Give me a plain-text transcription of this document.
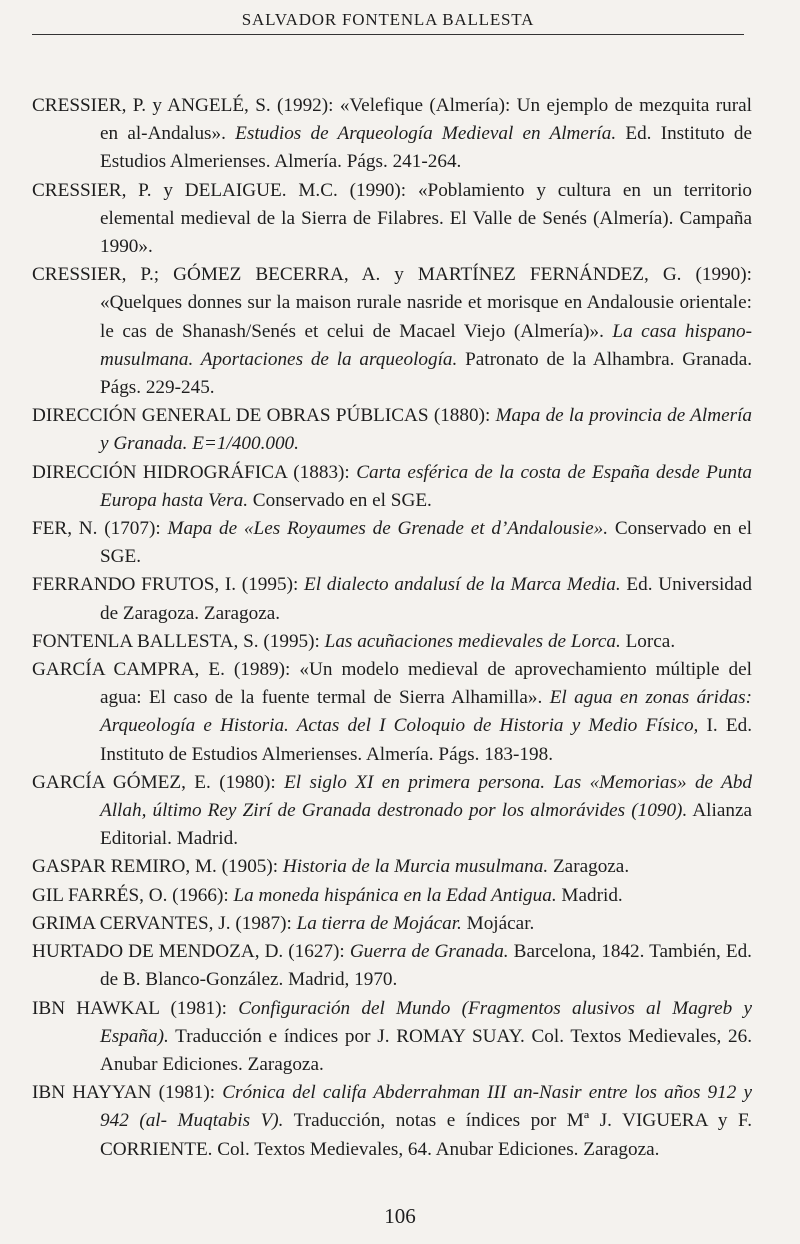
SALVADOR FONTENLA BALLESTA

CRESSIER, P. y ANGELÉ, S. (1992): «Velefique (Almería): Un ejemplo de mezquita rural en al-Andalus». Estudios de Arqueología Medieval en Almería. Ed. Instituto de Estudios Almerienses. Almería. Págs. 241-264.

CRESSIER, P. y DELAIGUE. M.C. (1990): «Poblamiento y cultura en un territorio elemental medieval de la Sierra de Filabres. El Valle de Senés (Almería). Campaña 1990».

CRESSIER, P.; GÓMEZ BECERRA, A. y MARTÍNEZ FERNÁNDEZ, G. (1990): «Quelques donnes sur la maison rurale nasride et morisque en Andalousie orientale: le cas de Shanash/Senés et celui de Macael Viejo (Almería)». La casa hispano-musulmana. Aportaciones de la arqueología. Patronato de la Alhambra. Granada. Págs. 229-245.

DIRECCIÓN GENERAL DE OBRAS PÚBLICAS (1880): Mapa de la provincia de Almería y Granada. E=1/400.000.

DIRECCIÓN HIDROGRÁFICA (1883): Carta esférica de la costa de España desde Punta Europa hasta Vera. Conservado en el SGE.

FER, N. (1707): Mapa de «Les Royaumes de Grenade et d’Andalousie». Conservado en el SGE.

FERRANDO FRUTOS, I. (1995): El dialecto andalusí de la Marca Media. Ed. Universidad de Zaragoza. Zaragoza.

FONTENLA BALLESTA, S. (1995): Las acuñaciones medievales de Lorca. Lorca.

GARCÍA CAMPRA, E. (1989): «Un modelo medieval de aprovechamiento múltiple del agua: El caso de la fuente termal de Sierra Alhamilla». El agua en zonas áridas: Arqueología e Historia. Actas del I Coloquio de Historia y Medio Físico, I. Ed. Instituto de Estudios Almerienses. Almería. Págs. 183-198.

GARCÍA GÓMEZ, E. (1980): El siglo XI en primera persona. Las «Memorias» de Abd Allah, último Rey Zirí de Granada destronado por los almorávides (1090). Alianza Editorial. Madrid.

GASPAR REMIRO, M. (1905): Historia de la Murcia musulmana. Zaragoza.

GIL FARRÉS, O. (1966): La moneda hispánica en la Edad Antigua. Madrid.

GRIMA CERVANTES, J. (1987): La tierra de Mojácar. Mojácar.

HURTADO DE MENDOZA, D. (1627): Guerra de Granada. Barcelona, 1842. También, Ed. de B. Blanco-González. Madrid, 1970.

IBN HAWKAL (1981): Configuración del Mundo (Fragmentos alusivos al Magreb y España). Traducción e índices por J. ROMAY SUAY. Col. Textos Medievales, 26. Anubar Ediciones. Zaragoza.

IBN HAYYAN (1981): Crónica del califa Abderrahman III an-Nasir entre los años 912 y 942 (al- Muqtabis V). Traducción, notas e índices por Mª J. VIGUERA y F. CORRIENTE. Col. Textos Medievales, 64. Anubar Ediciones. Zaragoza.

106
